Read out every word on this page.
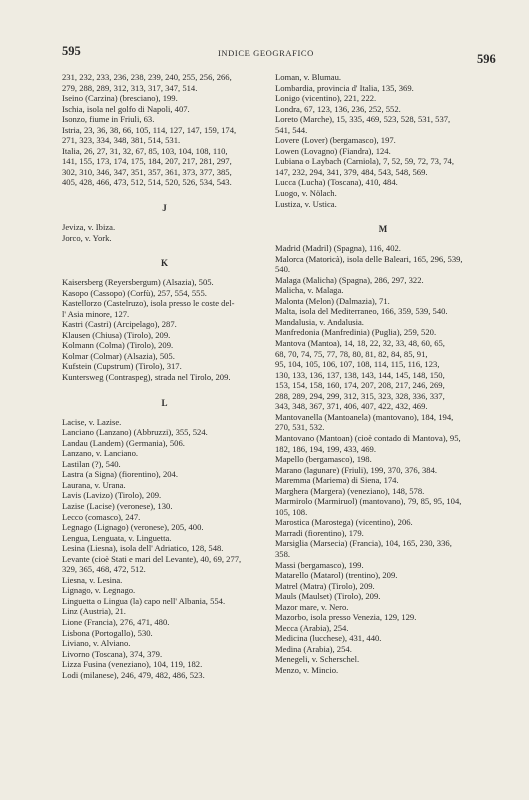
595	INDICE GEOGRAFICO	596
231, 232, 233, 236, 238, 239, 240, 255, 256, 266,
279, 288, 289, 312, 313, 317, 347, 514.
Iseino (Carzina) (bresciano), 199.
Ischia, isola nel golfo di Napoli, 407.
Isonzo, fiume in Friuli, 63.
Istria, 23, 36, 38, 66, 105, 114, 127, 147, 159, 174,
271, 323, 334, 348, 381, 514, 531.
Italia, 26, 27, 31, 32, 67, 85, 103, 104, 108, 110,
141, 155, 173, 174, 175, 184, 207, 217, 281, 297,
302, 310, 346, 347, 351, 357, 361, 373, 377, 385,
405, 428, 466, 473, 512, 514, 520, 526, 534, 543.
J
Jeviza, v. Ibiza.
Jorco, v. York.
K
Kaisersberg (Reyersbergum) (Alsazia), 505.
Kasopo (Cassopo) (Corfù), 257, 554, 555.
Kastellorzo (Castelruzo), isola presso le coste del-
l' Asia minore, 127.
Kastri (Castri) (Arcipelago), 287.
Klausen (Chiusa) (Tirolo), 209.
Kolmann (Colma) (Tirolo), 209.
Kolmar (Colmar) (Alsazia), 505.
Kufstein (Cupstrum) (Tirolo), 317.
Kuntersweg (Contraspeg), strada nel Tirolo, 209.
L
Lacise, v. Lazise.
Lanciano (Lanzano) (Abbruzzi), 355, 524.
Landau (Landem) (Germania), 506.
Lanzano, v. Lanciano.
Lastilan (?), 540.
Lastra (a Signa) (fiorentino), 204.
Laurana, v. Urana.
Lavis (Lavizo) (Tirolo), 209.
Lazise (Lacise) (veronese), 130.
Lecco (comasco), 247.
Legnago (Lignago) (veronese), 205, 400.
Lengua, Lenguata, v. Linguetta.
Lesina (Liesna), isola dell' Adriatico, 128, 548.
Levante (cioè Stati e mari del Levante), 40, 69, 277,
329, 365, 468, 472, 512.
Liesna, v. Lesina.
Lignago, v. Legnago.
Linguetta o Lingua (la) capo nell' Albania, 554.
Linz (Austria), 21.
Lione (Francia), 276, 471, 480.
Lisbona (Portogallo), 530.
Liviano, v. Alviano.
Livorno (Toscana), 374, 379.
Lizza Fusina (veneziano), 104, 119, 182.
Lodi (milanese), 246, 479, 482, 486, 523.
Loman, v. Blumau.
Lombardia, provincia d' Italia, 135, 369.
Lonigo (vicentino), 221, 222.
Londra, 67, 123, 136, 236, 252, 552.
Loreto (Marche), 15, 335, 469, 523, 528, 531, 537,
541, 544.
Lovere (Lover) (bergamasco), 197.
Lowen (Lovagno) (Fiandra), 124.
Lubiana o Laybach (Carniola), 7, 52, 59, 72, 73, 74,
147, 232, 294, 341, 379, 484, 543, 548, 569.
Lucca (Lucha) (Toscana), 410, 484.
Luogo, v. Nölach.
Lustiza, v. Ustica.
M
Madrid (Madril) (Spagna), 116, 402.
Malorca (Matoricà), isola delle Baleari, 165, 296, 539,
540.
Malaga (Malicha) (Spagna), 286, 297, 322.
Malicha, v. Malaga.
Malonta (Melon) (Dalmazia), 71.
Malta, isola del Mediterraneo, 166, 359, 539, 540.
Mandalusia, v. Andalusia.
Manfredonia (Manfredinia) (Puglia), 259, 520.
Mantova (Mantoa), 14, 18, 22, 32, 33, 48, 60, 65,
68, 70, 74, 75, 77, 78, 80, 81, 82, 84, 85, 91,
95, 104, 105, 106, 107, 108, 114, 115, 116, 123,
130, 133, 136, 137, 138, 143, 144, 145, 148, 150,
153, 154, 158, 160, 174, 207, 208, 217, 246, 269,
288, 289, 294, 299, 312, 315, 323, 328, 336, 337,
343, 348, 367, 371, 406, 407, 422, 432, 469.
Mantovanella (Mantoanela) (mantovano), 184, 194,
270, 531, 532.
Mantovano (Mantoan) (cioè contado di Mantova), 95,
182, 186, 194, 199, 433, 469.
Mapello (bergamasco), 198.
Marano (lagunare) (Friuli), 199, 370, 376, 384.
Maremma (Mariema) di Siena, 174.
Marghera (Margera) (veneziano), 148, 578.
Marmirolo (Marmiruol) (mantovano), 79, 85, 95, 104,
105, 108.
Marostica (Marostega) (vicentino), 206.
Marradi (fiorentino), 179.
Marsiglia (Marsecia) (Francia), 104, 165, 230, 336,
358.
Massi (bergamasco), 199.
Matarello (Matarol) (trentino), 209.
Matrel (Matra) (Tirolo), 209.
Mauls (Maulset) (Tirolo), 209.
Mazor mare, v. Nero.
Mazorbo, isola presso Venezia, 129, 129.
Mecca (Arabia), 254.
Medicina (lucchese), 431, 440.
Medina (Arabia), 254.
Menegeli, v. Scherschel.
Menzo, v. Mincio.
